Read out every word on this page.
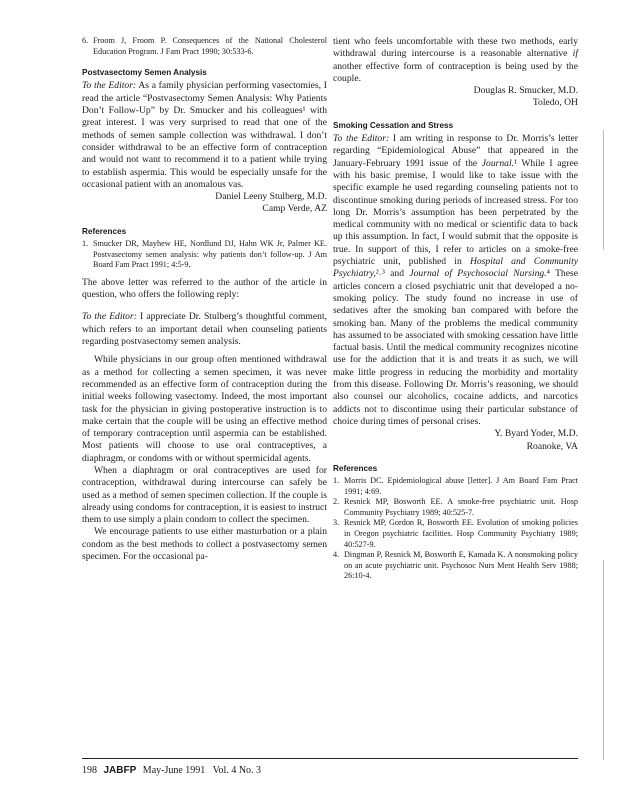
6. Froom J, Froom P. Consequences of the National Cholesterol Education Program. J Fam Pract 1990; 30:533-6.
Postvasectomy Semen Analysis

To the Editor: As a family physician performing vasectomies, I read the article “Postvasectomy Semen Analysis: Why Patients Don’t Follow-Up” by Dr. Smucker and his colleagues¹ with great interest. I was very surprised to read that one of the methods of semen sample collection was withdrawal. I don’t consider withdrawal to be an effective form of contraception and would not want to recommend it to a patient while trying to establish aspermia. This would be especially unsafe for the occasional patient with an anomalous vas.

Daniel Leeny Stulberg, M.D.

Camp Verde, AZ

References
1. Smucker DR, Mayhew HE, Nordlund DJ, Hahn WK Jr, Palmer KE. Postvasectomy semen analysis: why patients don’t follow-up. J Am Board Fam Pract 1991; 4:5-9.

The above letter was referred to the author of the article in question, who offers the following reply:

To the Editor: I appreciate Dr. Stulberg’s thoughtful comment, which refers to an important detail when counseling patients regarding postvasectomy semen analysis.

While physicians in our group often mentioned withdrawal as a method for collecting a semen specimen, it was never recommended as an effective form of contraception during the initial weeks following vasectomy. Indeed, the most important task for the physician in giving postoperative instruction is to make certain that the couple will be using an effective method of temporary contraception until aspermia can be established. Most patients will choose to use oral contraceptives, a diaphragm, or condoms with or without spermicidal agents.

When a diaphragm or oral contraceptives are used for contraception, withdrawal during intercourse can safely be used as a method of semen specimen collection. If the couple is already using condoms for contraception, it is easiest to instruct them to use simply a plain condom to collect the specimen.

We encourage patients to use either masturbation or a plain condom as the best methods to collect a postvasectomy semen specimen. For the occasional pa-

tient who feels uncomfortable with these two methods, early withdrawal during intercourse is a reasonable alternative if another effective form of contraception is being used by the couple.

Douglas R. Smucker, M.D.

Toledo, OH

Smoking Cessation and Stress

To the Editor: I am writing in response to Dr. Morris’s letter regarding “Epidemiological Abuse” that appeared in the January-February 1991 issue of the Journal.¹ While I agree with his basic premise, I would like to take issue with the specific example he used regarding counseling patients not to discontinue smoking during periods of increased stress. For too long Dr. Morris’s assumption has been perpetrated by the medical community with no medical or scientific data to back up this assumption. In fact, I would submit that the opposite is true. In support of this, I refer to articles on a smoke-free psychiatric unit, published in Hospital and Community Psychiatry,²˒³ and Journal of Psychosocial Nursing.⁴ These articles concern a closed psychiatric unit that developed a no-smoking policy. The study found no increase in use of sedatives after the smoking ban compared with before the smoking ban. Many of the problems the medical community has assumed to be associated with smoking cessation have little factual basis. Until the medical community recognizes nicotine use for the addiction that it is and treats it as such, we will make little progress in reducing the morbidity and mortality from this disease. Following Dr. Morris’s reasoning, we should also counsel our alcoholics, cocaine addicts, and narcotics addicts not to discontinue using their particular substance of choice during times of personal crises.

Y. Byard Yoder, M.D.

Roanoke, VA

References
1. Morris DC. Epidemiological abuse [letter]. J Am Board Fam Pract 1991; 4:69.
2. Resnick MP, Bosworth EE. A smoke-free psychiatric unit. Hosp Community Psychiatry 1989; 40:525-7.
3. Resnick MP, Gordon R, Bosworth EE. Evolution of smoking policies in Oregon psychiatric facilities. Hosp Community Psychiatry 1989; 40:527-9.
4. Dingman P, Resnick M, Bosworth E, Kamada K. A nonsmoking policy on an acute psychiatric unit. Psychosoc Nurs Ment Health Serv 1988; 26:10-4.
198 JABFP May-June 1991   Vol. 4 No. 3
